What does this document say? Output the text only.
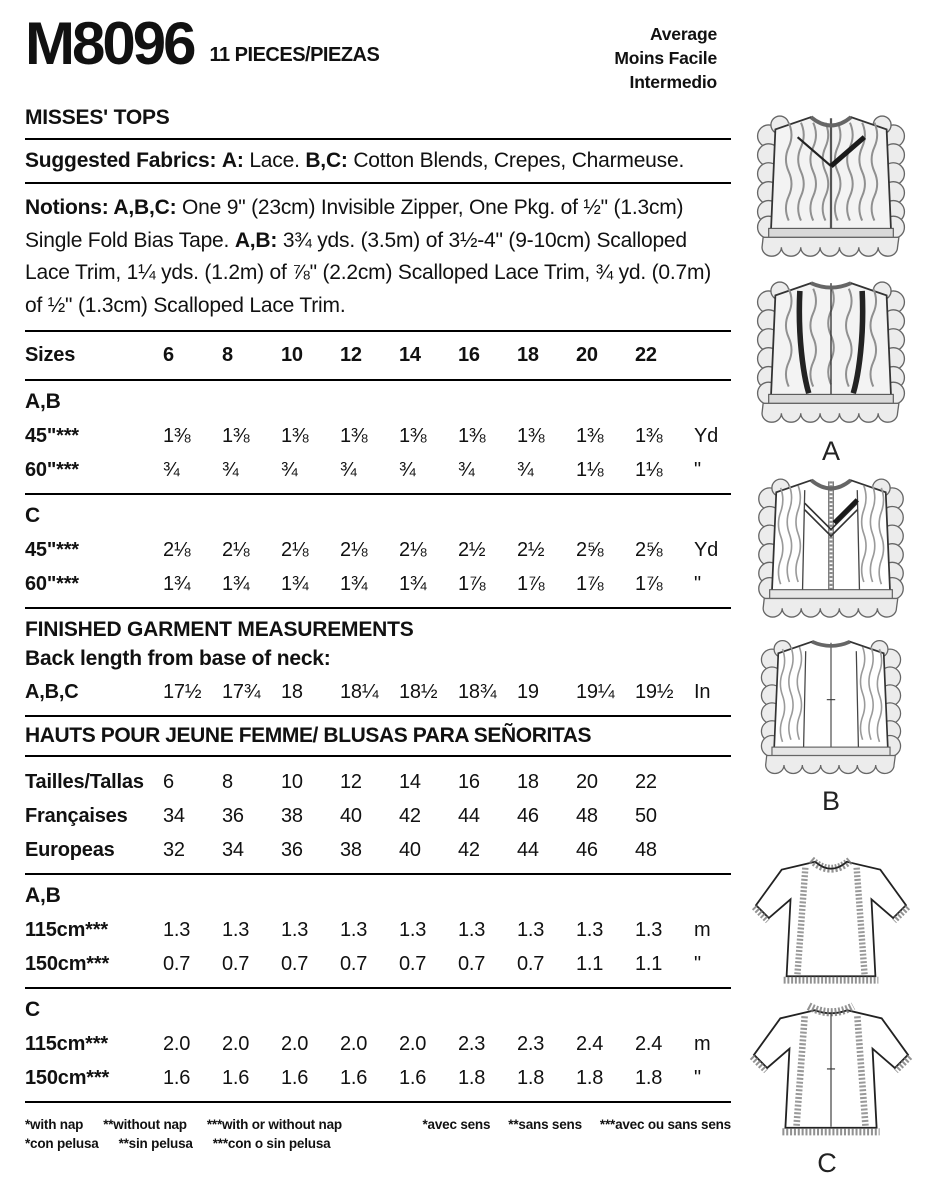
M8096 11 PIECES/PIEZAS
Average
Moins Facile
Intermedio
MISSES' TOPS
Suggested Fabrics: A: Lace. B,C: Cotton Blends, Crepes, Charmeuse.
Notions: A,B,C: One 9" (23cm) Invisible Zipper, One Pkg. of ½" (1.3cm) Single Fold Bias Tape. A,B: 3¾ yds. (3.5m) of 3½-4" (9-10cm) Scalloped Lace Trim, 1¼ yds. (1.2m) of ⅞" (2.2cm) Scalloped Lace Trim, ¾ yd. (0.7m) of ½" (1.3cm) Scalloped Lace Trim.
Sizes	6	8	10	12	14	16	18	20	22
A,B
45"***	1⅜	1⅜	1⅜	1⅜	1⅜	1⅜	1⅜	1⅜	1⅜	Yd
60"***	¾	¾	¾	¾	¾	¾	¾	1⅛	1⅛	"
C
45"***	2⅛	2⅛	2⅛	2⅛	2⅛	2½	2½	2⅝	2⅝	Yd
60"***	1¾	1¾	1¾	1¾	1¾	1⅞	1⅞	1⅞	1⅞	"
FINISHED GARMENT MEASUREMENTS
Back length from base of neck:
A,B,C	17½	17¾	18	18¼	18½	18¾	19	19¼	19½	In
HAUTS POUR JEUNE FEMME/ BLUSAS PARA SEÑORITAS
Tailles/Tallas 6	8	10	12	14	16	18	20	22
Françaises	34	36	38	40	42	44	46	48	50
Europeas	32	34	36	38	40	42	44	46	48
A,B
115cm***	1.3	1.3	1.3	1.3	1.3	1.3	1.3	1.3	1.3	m
150cm***	0.7	0.7	0.7	0.7	0.7	0.7	0.7	1.1	1.1	"
C
115cm***	2.0	2.0	2.0	2.0	2.0	2.3	2.3	2.4	2.4	m
150cm***	1.6	1.6	1.6	1.6	1.6	1.8	1.8	1.8	1.8	"
*with nap **without nap ***with or without nap
*con pelusa **sin pelusa ***con o sin pelusa
*avec sens **sans sens ***avec ou sans sens
A
B
C
